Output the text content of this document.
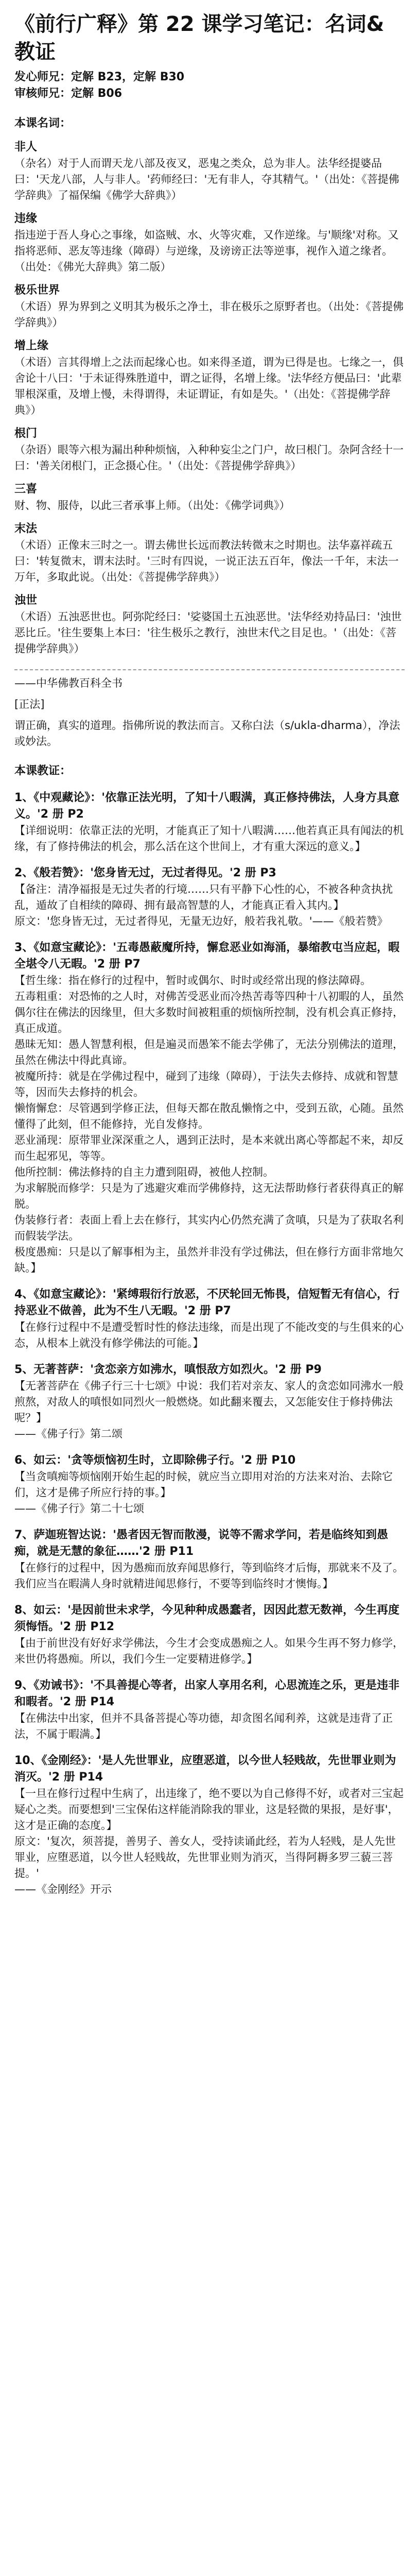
《前行广释》第 22 课学习笔记：名词&教证
发心师兄：定解 B23，定解 B30
审核师兄：定解 B06
本课名词：
非人
（杂名）对于人而谓天龙八部及夜叉，恶鬼之类众，总为非人。法华经提婆品曰：'天龙八部，人与非人。'药师经曰：'无有非人，夺其精气。'（出处：《菩提佛学辞典》了福保编《佛学大辞典》）
违缘
指违逆于吾人身心之事缘，如盗贼、水、火等灾难，又作逆缘。与'顺缘'对称。又指将恶师、恶友等违缘（障碍）与逆缘，及谤谤正法等逆事，视作入道之缘者。（出处：《佛光大辞典》第二版）
极乐世界
（术语）界为界到之义明其为极乐之净土，非在极乐之原野者也。（出处：《菩提佛学辞典》）
增上缘
（术语）言其得增上之法而起缘心也。如来得圣道，谓为已得是也。七缘之一，俱舍论十八曰：'于未证得殊胜道中，谓之证得，名增上缘。'法华经方便品曰：'此辈罪根深重，及增上慢，未得谓得，未证谓证，有如是失。'（出处：《菩提佛学辞典》）
根门
（杂语）眼等六根为漏出种种烦恼，入种种妄尘之门户，故曰根门。杂阿含经十一曰：'善关闭根门，正念摄心住。'（出处：《菩提佛学辞典》）
三喜
财、物、服侍，以此三者承事上师。（出处：《佛学词典》）
末法
（术语）正像末三时之一。谓去佛世长远而教法转微末之时期也。法华嘉祥疏五曰：'转复微末，谓末法时。'三时有四说，一说正法五百年，像法一千年，末法一万年，多取此说。（出处：《菩提佛学辞典》）
浊世
（术语）五浊恶世也。阿弥陀经曰：'娑婆国土五浊恶世。'法华经劝持品曰：'浊世恶比丘。'往生要集上本曰：'往生极乐之教行，浊世末代之目足也。'（出处：《菩提佛学辞典》）
——中华佛教百科全书
[正法]
谓正确，真实的道理。指佛所说的教法而言。又称白法（s/ukla-dharma），净法或妙法。
本课教证：
1、《中观藏论》：'依靠正法光明，了知十八暇满，真正修持佛法，人身方具意义。'2 册 P2
【详细说明：依靠正法的光明，才能真正了知十八暇满……他若真正具有闻法的机缘，有了修持佛法的机会，那么活在这个世间上，才有重大深远的意义。】
2、《般若赞》：'您身皆无过，无过者得见。'2 册 P3
【备注：清净福报是无过失者的行境……只有平静下心性的心，不被各种贪执扰乱，遁故了自相续的障碍、拥有最高智慧的人，才能真正看入其内。】
原文：'您身皆无过，无过者得见，无量无边好，般若我礼敬。'——《般若赞》
3、《如意宝藏论》：'五毒愚蔽魔所持，懈怠恶业如海涌，暴缩教屯当应起，暇全堪令八无暇。'2 册 P7
【哲生缘：指在修行的过程中，暂时或偶尔、时时或经常出现的修法障碍。
五毒粗重：对恐怖的之人时，对佛苦受恶业而冷热苦毒等四种十八初暇的人，虽然偶尔往在佛法的因缘里，但大多数时间被粗重的烦恼所控制，没有机会真正修持，真正成道。
愚昧无知：愚人智慧利根，但是遍灵而愚笨不能去学佛了，无法分别佛法的道理，虽然在佛法中得此真谛。
被魔所持：就是在学佛过程中，碰到了违缘（障碍），于法失去修持、成就和智慧等，因而失去修持的机会。
懒惰懈怠：尽管遇到学修正法，但每天都在散乱懒惰之中，受到五欲，心随。虽然懂得了此刻，但不能修持，光自发修持。
恶业涌现：原带罪业深深重之人，遇到正法时，是本来就出离心等都起不来，却反而生起邪见，等等。
他所控制：佛法修持的自主力遭到阻碍，被他人控制。
为求解脱而修学：只是为了逃避灾难而学佛修持，这无法帮助修行者获得真正的解脱。
伪装修行者：表面上看上去在修行，其实内心仍然充满了贪嗔，只是为了获取名利而假装学法。
极度愚痴：只是以了解事相为主，虽然并非没有学过佛法，但在修行方面非常地欠缺。】
4、《如意宝藏论》：'紧缚瑕衍行放恶，不厌轮回无怖畏，信短暂无有信心，行持恶业不做善，此为不生八无暇。'2 册 P7
【在修行过程中不是遭受暂时性的修法违缘，而是出现了不能改变的与生俱来的心态，从根本上就没有修学佛法的可能。】
5、无著菩萨：'贪恋亲方如沸水，嗔恨敌方如烈火。'2 册 P9
【无著菩萨在《佛子行三十七颂》中说：我们若对亲友、家人的贪恋如同沸水一般煎熬，对敌人的嗔恨如同烈火一般燃烧。如此翻来覆去，又怎能安住于修持佛法呢？】
——《佛子行》第二颂
6、如云：'贪等烦恼初生时，立即除佛子行。'2 册 P10
【当贪嗔痴等烦恼刚开始生起的时候，就应当立即用对治的方法来对治、去除它们，这才是佛子所应行持的事。】
——《佛子行》第二十七颂
7、萨迦班智达说：'愚者因无智而散漫，说等不需求学问，若是临终知到愚痴，就是无慧的象征……'2 册 P11
【在修行的过程中，因为愚痴而放弃闻思修行，等到临终才后悔，那就来不及了。我们应当在暇满人身时就精进闻思修行，不要等到临终时才懊悔。】
8、如云：'是因前世未求学，今见种种成愚蠢者，因因此惹无数禅，今生再度须悔悟。'2 册 P12
【由于前世没有好好求学佛法，今生才会变成愚痴之人。如果今生再不努力修学，来世仍将愚痴。所以，我们今生一定要精进修学。】
9、《劝诫书》：'不具善提心等者，出家人享用名利，心思流连之乐，更是违非和暇者。'2 册 P14
【在佛法中出家，但并不具备菩提心等功德，却贪图名闻利养，这就是违背了正法，不属于暇满。】
10、《金刚经》：'是人先世罪业，应堕恶道，以今世人轻贱故，先世罪业则为消灭。'2 册 P14
【一旦在修行过程中生病了，出违缘了，绝不要以为自己修得不好，或者对三宝起疑心之类。而要想到'三宝保佑这样能消除我的罪业，这是轻微的果报，是好事'，这才是正确的态度。】
原文：'复次，须菩提，善男子、善女人，受持读诵此经，若为人轻贱，是人先世罪业，应堕恶道，以今世人轻贱故，先世罪业则为消灭，当得阿耨多罗三藐三菩提。'
——《金刚经》开示
